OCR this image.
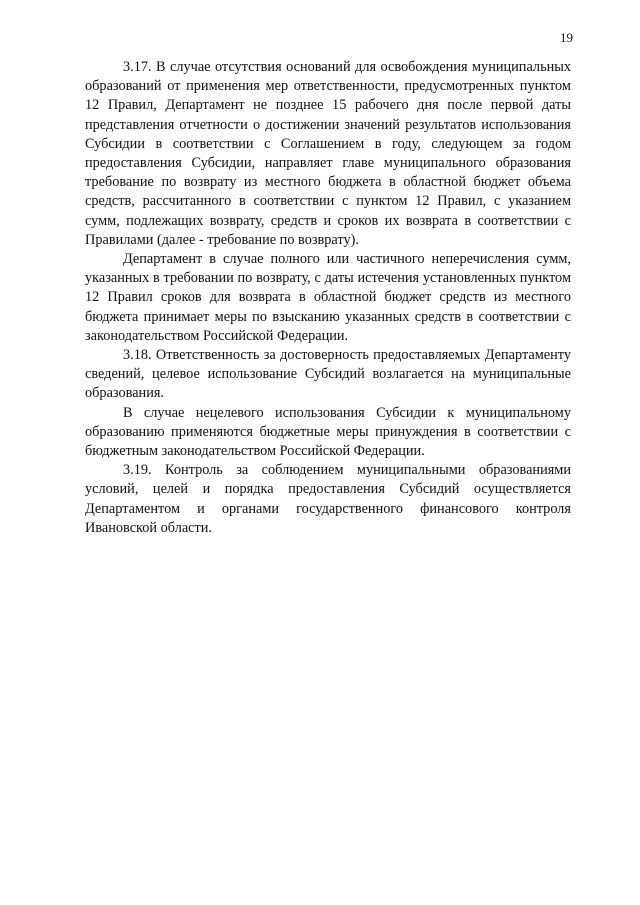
19

3.17. В случае отсутствия оснований для освобождения муниципальных образований от применения мер ответственности, предусмотренных пунктом 12 Правил, Департамент не позднее 15 рабочего дня после первой даты представления отчетности о достижении значений результатов использования Субсидии в соответствии с Соглашением в году, следующем за годом предоставления Субсидии, направляет главе муниципального образования требование по возврату из местного бюджета в областной бюджет объема средств, рассчитанного в соответствии с пунктом 12 Правил, с указанием сумм, подлежащих возврату, средств и сроков их возврата в соответствии с Правилами (далее - требование по возврату).

Департамент в случае полного или частичного неперечисления сумм, указанных в требовании по возврату, с даты истечения установленных пунктом 12 Правил сроков для возврата в областной бюджет средств из местного бюджета принимает меры по взысканию указанных средств в соответствии с законодательством Российской Федерации.

3.18. Ответственность за достоверность предоставляемых Департаменту сведений, целевое использование Субсидий возлагается на муниципальные образования.

В случае нецелевого использования Субсидии к муниципальному образованию применяются бюджетные меры принуждения в соответствии с бюджетным законодательством Российской Федерации.

3.19. Контроль за соблюдением муниципальными образованиями условий, целей и порядка предоставления Субсидий осуществляется Департаментом и органами государственного финансового контроля Ивановской области.
